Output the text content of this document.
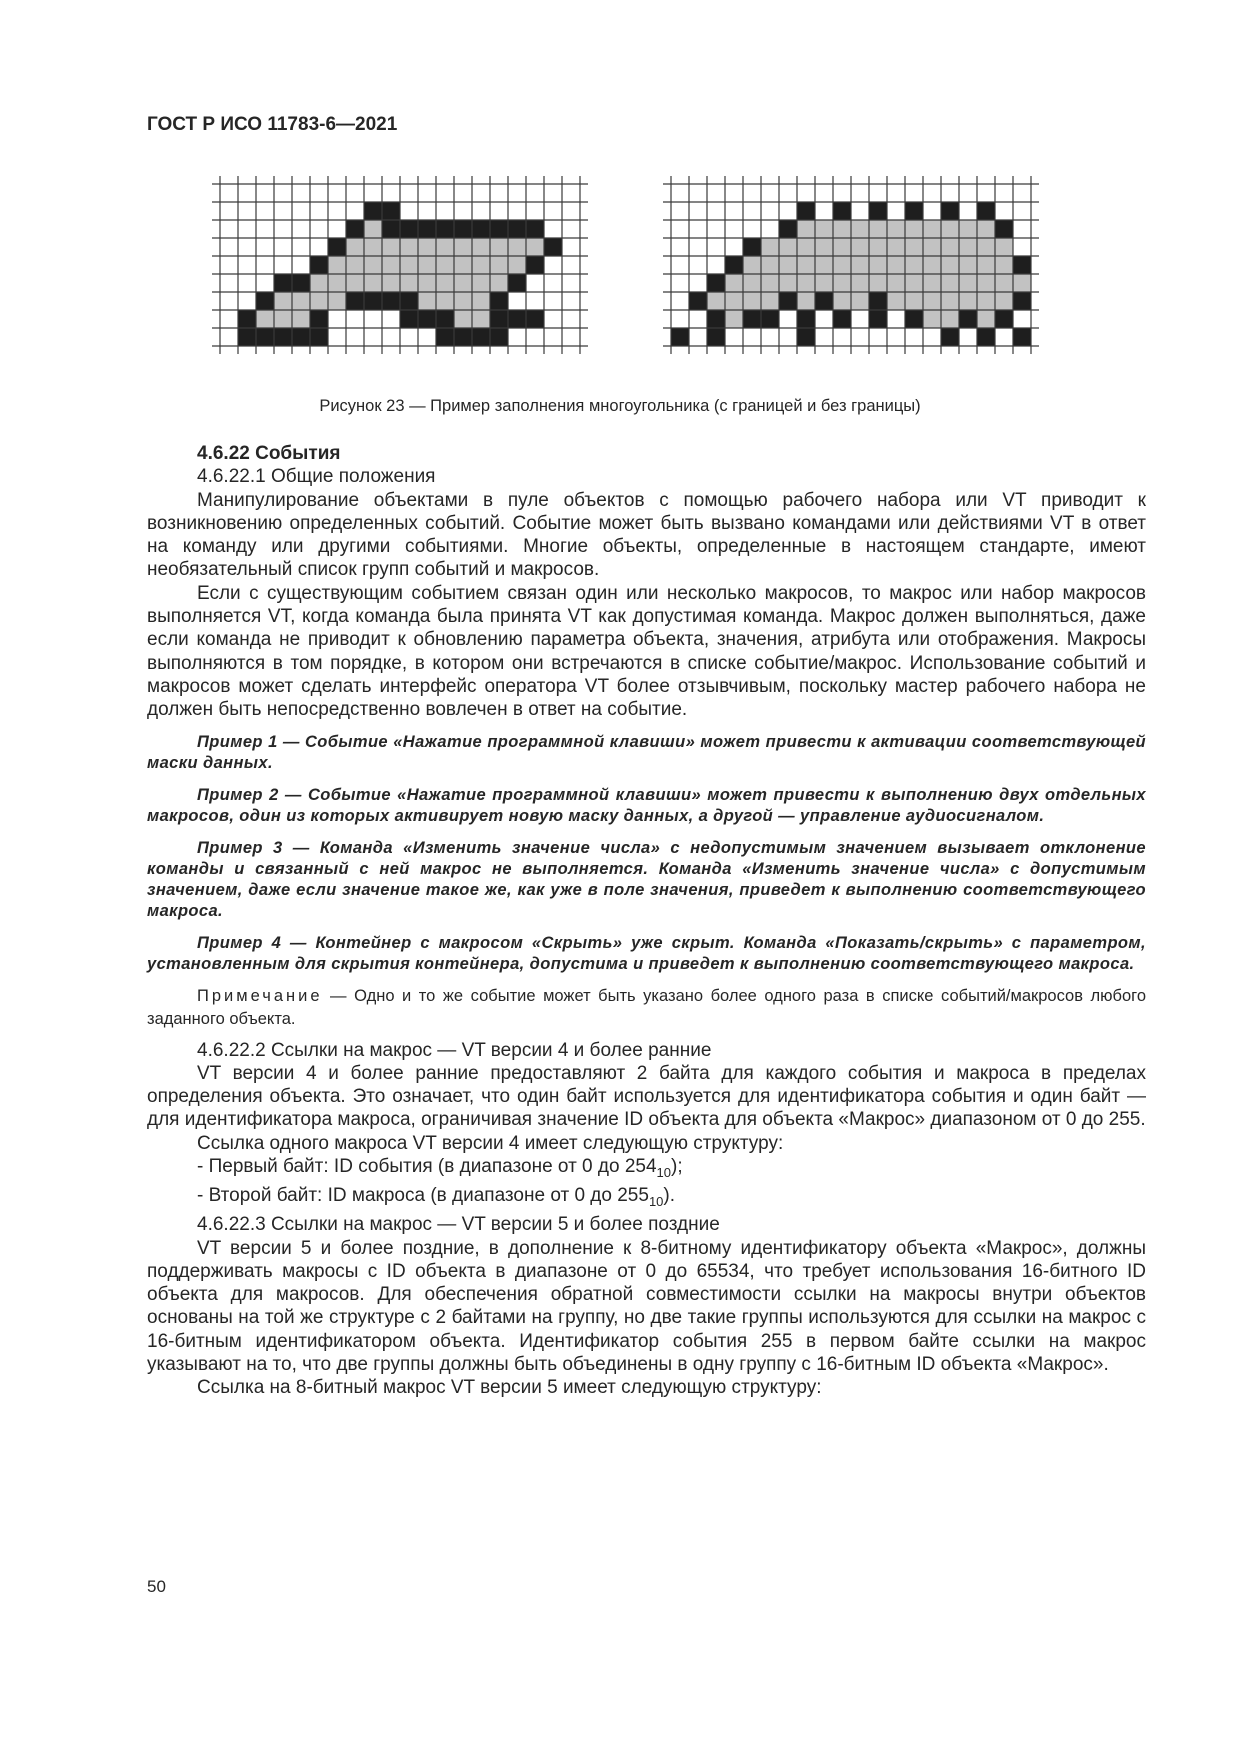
ГОСТ Р ИСО 11783-6—2021
Рисунок 23 — Пример заполнения многоугольника (с границей и без границы)

4.6.22 События

4.6.22.1 Общие положения

Манипулирование объектами в пуле объектов с помощью рабочего набора или VT приводит к возникновению определенных событий. Событие может быть вызвано командами или действиями VT в ответ на команду или другими событиями. Многие объекты, определенные в настоящем стандарте, имеют необязательный список групп событий и макросов.

Если с существующим событием связан один или несколько макросов, то макрос или набор макросов выполняется VT, когда команда была принята VT как допустимая команда. Макрос должен выполняться, даже если команда не приводит к обновлению параметра объекта, значения, атрибута или отображения. Макросы выполняются в том порядке, в котором они встречаются в списке событие/макрос. Использование событий и макросов может сделать интерфейс оператора VT более отзывчивым, поскольку мастер рабочего набора не должен быть непосредственно вовлечен в ответ на событие.

Пример 1 — Событие «Нажатие программной клавиши» может привести к активации соответствующей маски данных.

Пример 2 — Событие «Нажатие программной клавиши» может привести к выполнению двух отдельных макросов, один из которых активирует новую маску данных, а другой — управление аудиосигналом.

Пример 3 — Команда «Изменить значение числа» с недопустимым значением вызывает отклонение команды и связанный с ней макрос не выполняется. Команда «Изменить значение числа» с допустимым значением, даже если значение такое же, как уже в поле значения, приведет к выполнению соответствующего макроса.

Пример 4 — Контейнер с макросом «Скрыть» уже скрыт. Команда «Показать/скрыть» с параметром, установленным для скрытия контейнера, допустима и приведет к выполнению соответствующего макроса.

Примечание — Одно и то же событие может быть указано более одного раза в списке событий/макросов любого заданного объекта.

4.6.22.2 Ссылки на макрос — VT версии 4 и более ранние

VT версии 4 и более ранние предоставляют 2 байта для каждого события и макроса в пределах определения объекта. Это означает, что один байт используется для идентификатора события и один байт — для идентификатора макроса, ограничивая значение ID объекта для объекта «Макрос» диапазоном от 0 до 255.

Ссылка одного макроса VT версии 4 имеет следующую структуру:

- Первый байт: ID события (в диапазоне от 0 до $254_{10}$);

- Второй байт: ID макроса (в диапазоне от 0 до $255_{10}$).

4.6.22.3 Ссылки на макрос — VT версии 5 и более поздние

VT версии 5 и более поздние, в дополнение к 8-битному идентификатору объекта «Макрос», должны поддерживать макросы с ID объекта в диапазоне от 0 до 65534, что требует использования 16-битного ID объекта для макросов. Для обеспечения обратной совместимости ссылки на макросы внутри объектов основаны на той же структуре с 2 байтами на группу, но две такие группы используются для ссылки на макрос с 16-битным идентификатором объекта. Идентификатор события 255 в первом байте ссылки на макрос указывают на то, что две группы должны быть объединены в одну группу с 16-битным ID объекта «Макрос».

Ссылка на 8-битный макрос VT версии 5 имеет следующую структуру:

50
